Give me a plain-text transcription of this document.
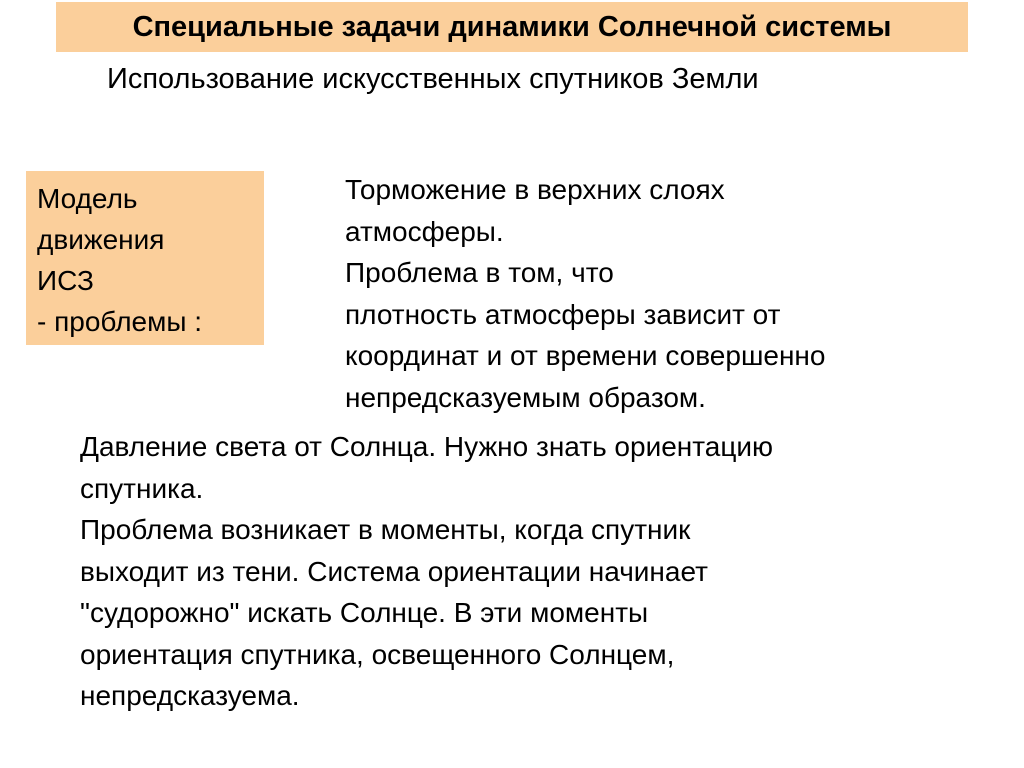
Специальные задачи динамики Солнечной системы
Использование искусственных спутников Земли
Модель
движения
ИСЗ
- проблемы :
Торможение в верхних слоях
атмосферы.
Проблема в том, что
плотность атмосферы зависит от
координат и от времени совершенно
непредсказуемым образом.
Давление света от Солнца. Нужно знать ориентацию
спутника.
Проблема возникает в моменты, когда спутник
выходит из тени. Система ориентации начинает
"судорожно" искать Солнце. В эти моменты
ориентация спутника, освещенного Солнцем,
непредсказуема.
